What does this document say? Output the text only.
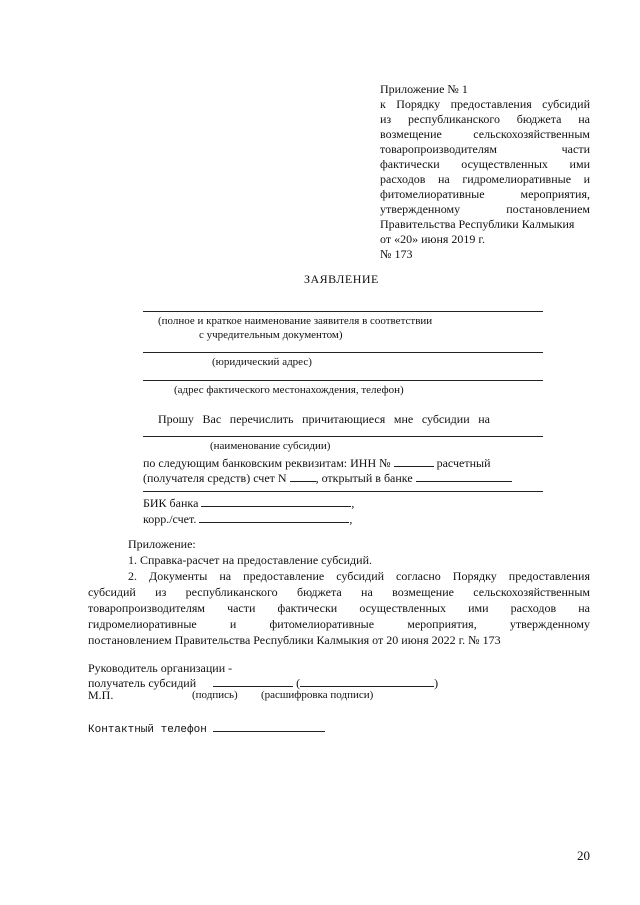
Приложение № 1
к Порядку предоставления субсидий
из республиканского бюджета на
возмещение сельскохозяйственным
товаропроизводителям части
фактически осуществленных ими
расходов на гидромелиоративные и
фитомелиоративные мероприятия,
утвержденному постановлением
Правительства Республики Калмыкия
от «20» июня 2019 г.
№ 173
ЗАЯВЛЕНИЕ
(полное и краткое наименование заявителя в соответствии
с учредительным документом)
(юридический адрес)
(адрес фактического местонахождения, телефон)
Прошу Вас перечислить причитающиеся мне субсидии на
(наименование субсидии)
по следующим банковским реквизитам: ИНН №	расчетный
(получателя средств) счет N , открытый в банке
БИК банка	,
корр./счет.	,
Приложение:
1. Справка-расчет на предоставление субсидий.
2. Документы на предоставление субсидий согласно Порядку предоставления
субсидий из республиканского бюджета на возмещение сельскохозяйственным
товаропроизводителям части фактически осуществленных ими расходов на
гидромелиоративные и фитомелиоративные мероприятия, утвержденному
постановлением Правительства Республики Калмыкия от 20 июня 2022 г. № 173
Руководитель организации -
получатель субсидий	(	)
М.П.	(подпись) (расшифровка подписи)
Контактный телефон
20
